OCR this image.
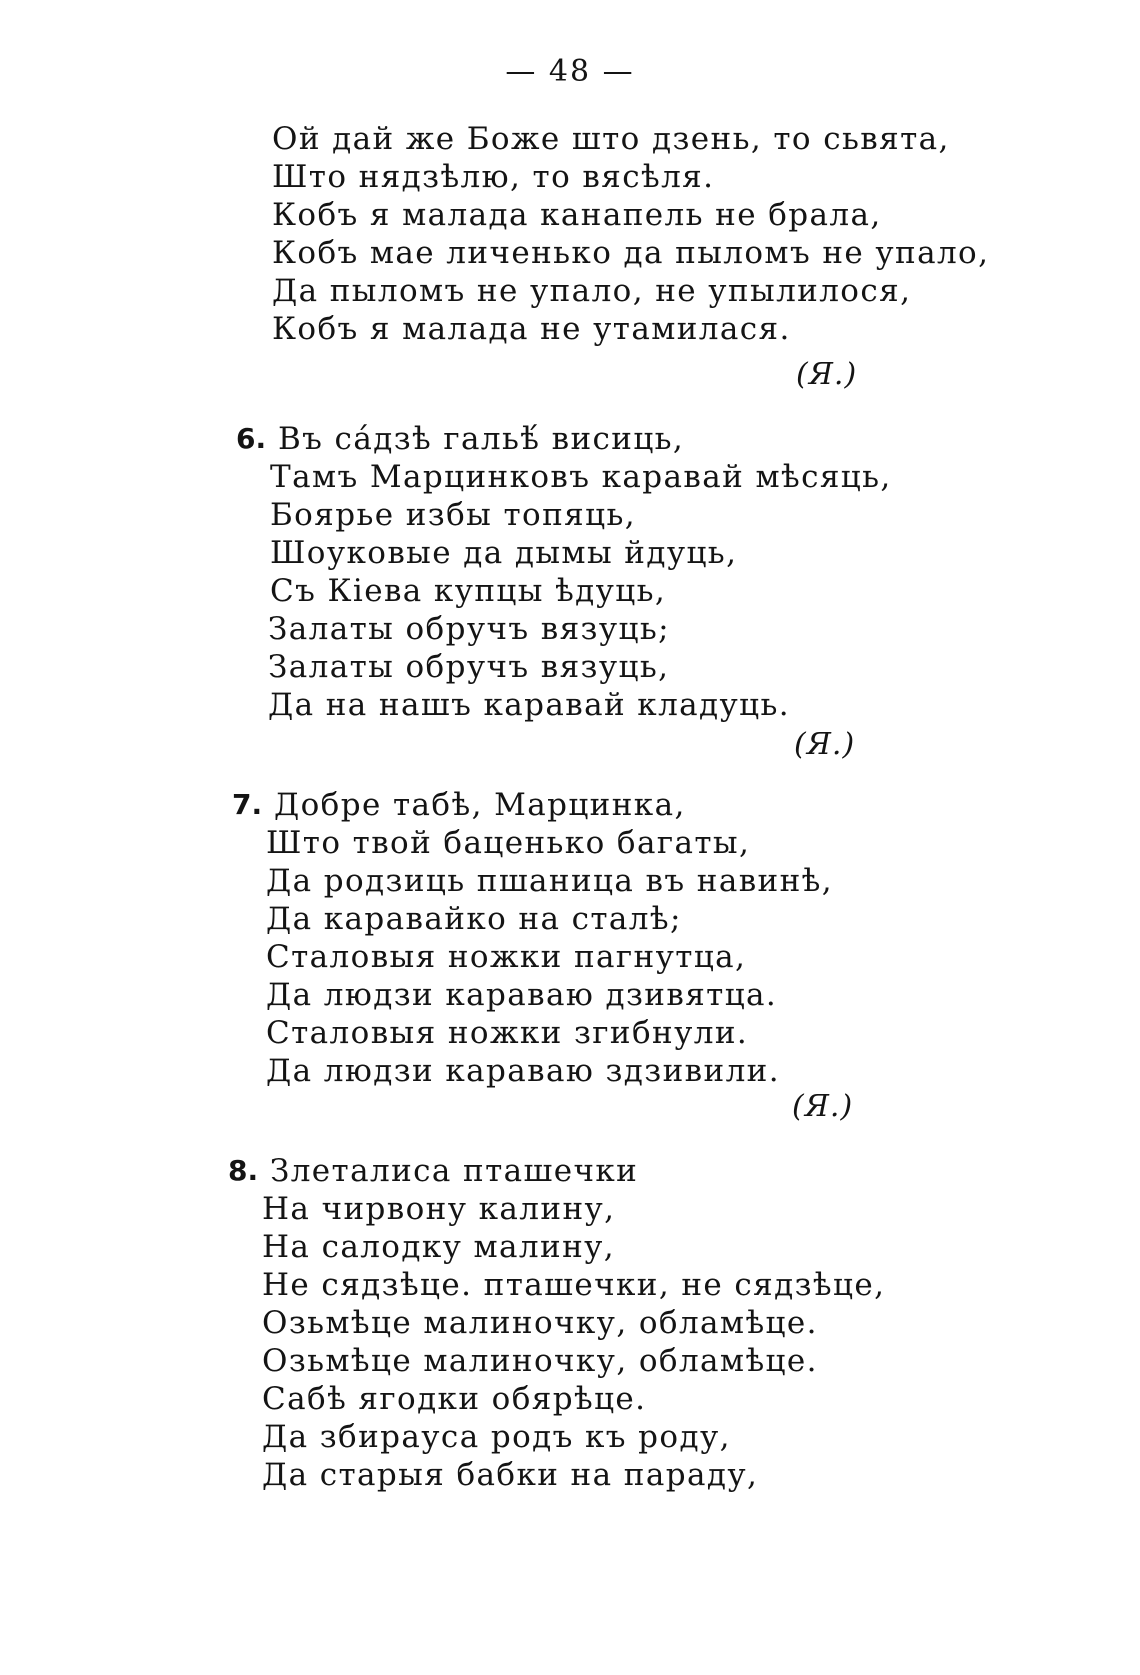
— 48 —
Ой дай же Боже што дзень, то сьвята,
Што нядзѣлю, то вясѣля.
Кобъ я малада канапель не брала,
Кобъ мае личенько да пыломъ не упало,
Да пыломъ не упало, не упылилося,
Кобъ я малада не утамилася.
(Я.)
6. Въ сáдзѣ гальѣ́ висиць,
Тамъ Марцинковъ каравай мѣсяць,
Боярье избы топяць,
Шоуковые да дымы йдуць,
Съ Кіева купцы ѣдуць,
Залаты обручъ вязуць;
Залаты обручъ вязуць,
Да на нашъ каравай кладуць.
(Я.)
7. Добре табѣ, Марцинка,
Што твой баценько багаты,
Да родзиць пшаница въ навинѣ,
Да каравайко на сталѣ;
Сталовыя ножки пагнутца,
Да людзи караваю дзивятца.
Сталовыя ножки згибнули.
Да людзи караваю здзивили.
(Я.)
8. Злеталиса пташечки
На чирвону калину,
На салодку малину,
Не сядзѣце. пташечки, не сядзѣце,
Озьмѣце малиночку, обламѣце.
Озьмѣце малиночку, обламѣце.
Сабѣ ягодки обярѣце.
Да збирауса родъ къ роду,
Да старыя бабки на параду,
